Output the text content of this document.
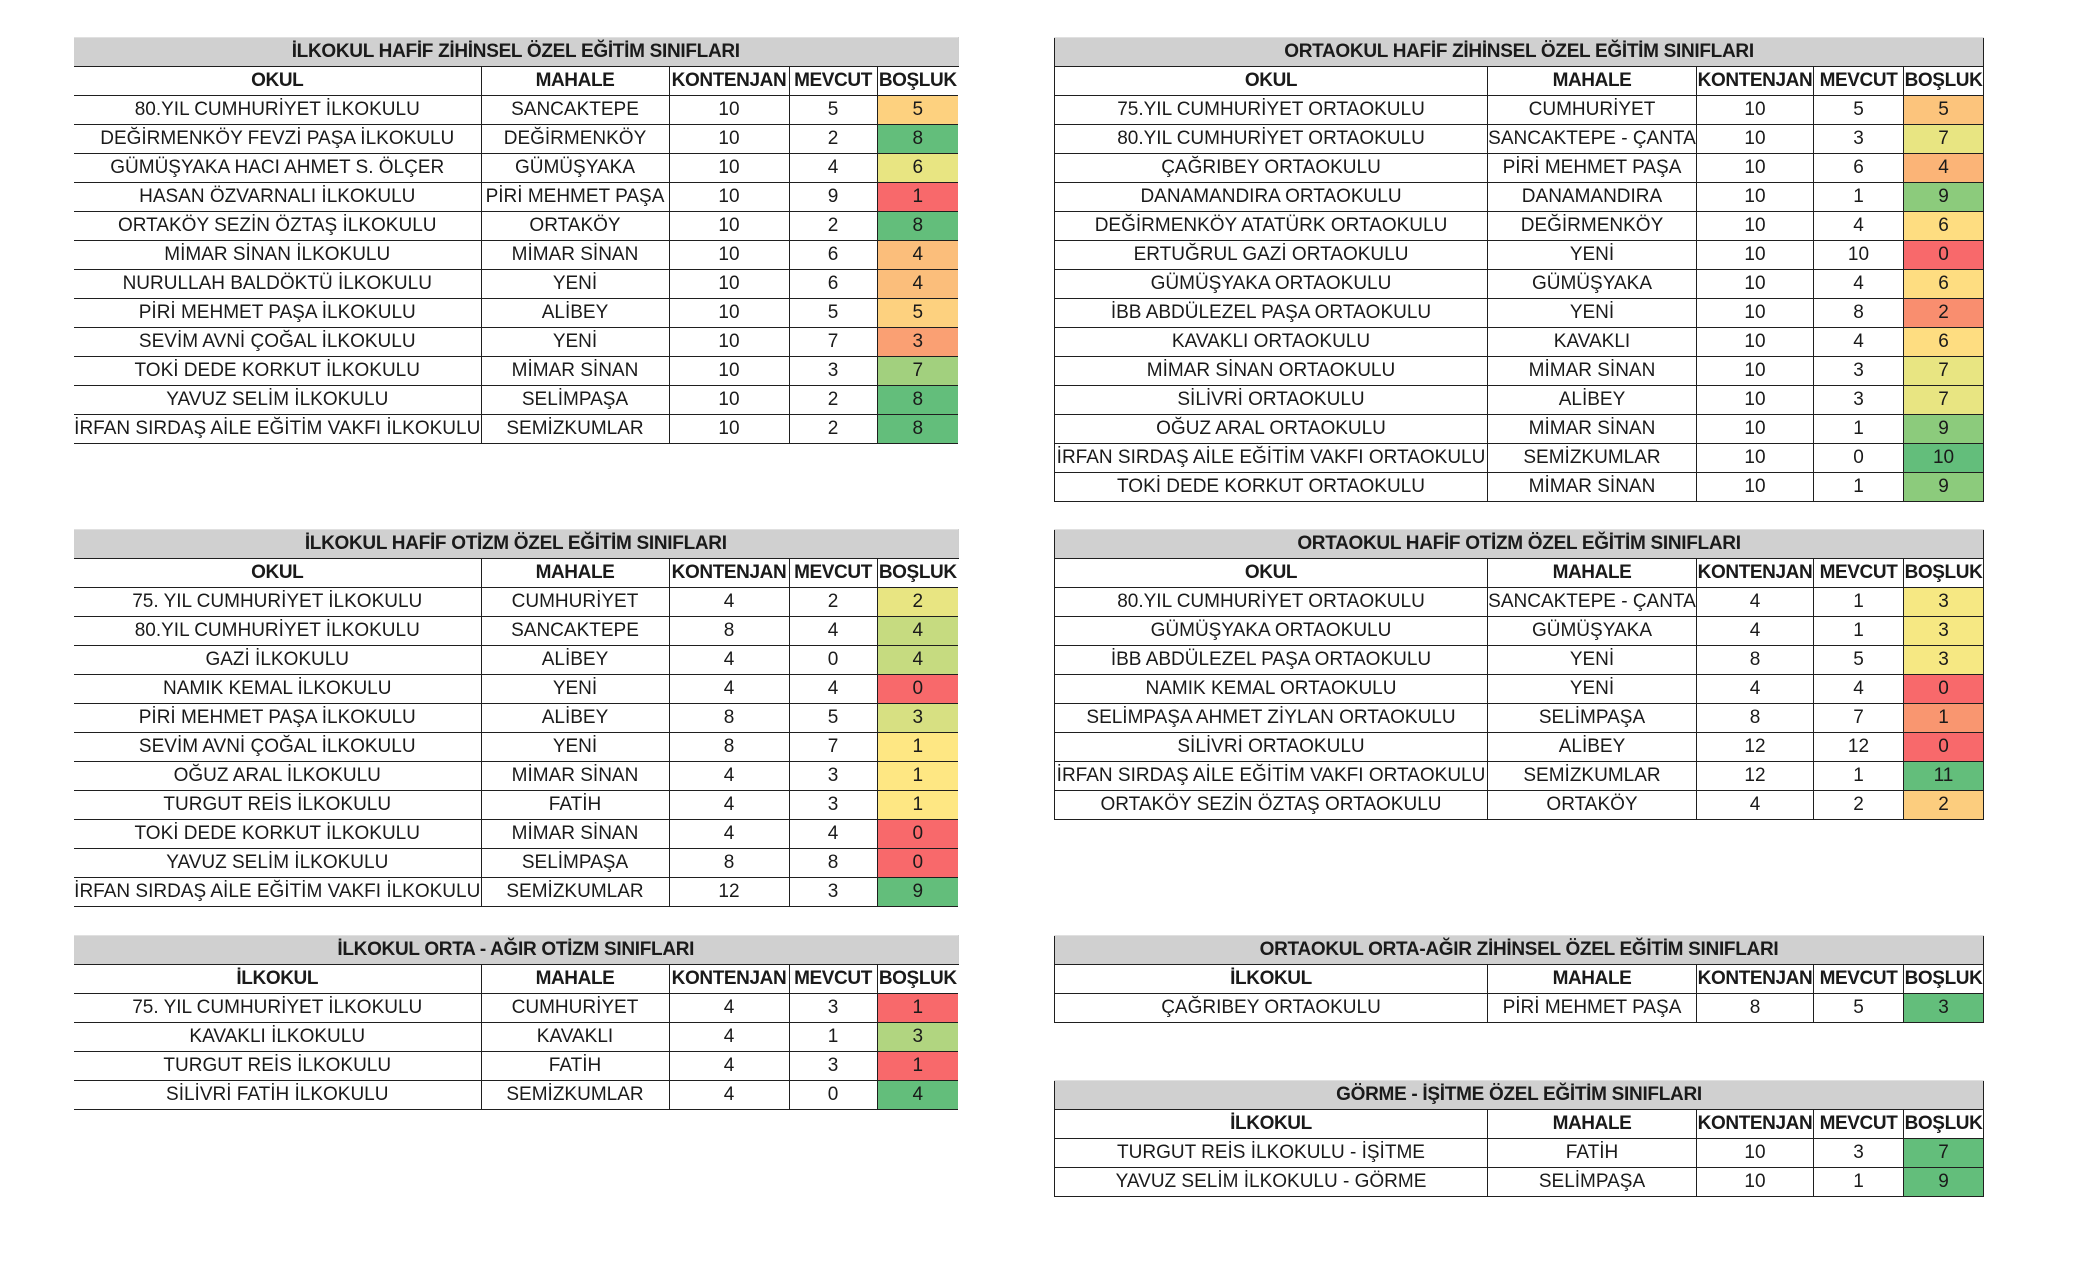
İLKOKUL HAFİF ZİHİNSEL ÖZEL EĞİTİM SINIFLARI				
OKUL	MAHALE	KONTENJAN	MEVCUT	BOŞLUK
80.YIL CUMHURİYET İLKOKULU	SANCAKTEPE	10	5	5
DEĞİRMENKÖY FEVZİ PAŞA İLKOKULU	DEĞİRMENKÖY	10	2	8
GÜMÜŞYAKA HACI AHMET S. ÖLÇER	GÜMÜŞYAKA	10	4	6
HASAN ÖZVARNALI İLKOKULU	PİRİ MEHMET PAŞA	10	9	1
ORTAKÖY SEZİN ÖZTAŞ İLKOKULU	ORTAKÖY	10	2	8
MİMAR SİNAN İLKOKULU	MİMAR SİNAN	10	6	4
NURULLAH BALDÖKTÜ İLKOKULU	YENİ	10	6	4
PİRİ MEHMET PAŞA İLKOKULU	ALİBEY	10	5	5
SEVİM AVNİ ÇOĞAL İLKOKULU	YENİ	10	7	3
TOKİ DEDE KORKUT İLKOKULU	MİMAR SİNAN	10	3	7
YAVUZ SELİM İLKOKULU	SELİMPAŞA	10	2	8
İRFAN SIRDAŞ AİLE EĞİTİM VAKFI İLKOKULU	SEMİZKUMLAR	10	2	8
ORTAOKUL HAFİF ZİHİNSEL ÖZEL EĞİTİM SINIFLARI				
OKUL	MAHALE	KONTENJAN	MEVCUT	BOŞLUK
75.YIL CUMHURİYET ORTAOKULU	CUMHURİYET	10	5	5
80.YIL CUMHURİYET ORTAOKULU	SANCAKTEPE - ÇANTA	10	3	7
ÇAĞRIBEY ORTAOKULU	PİRİ MEHMET PAŞA	10	6	4
DANAMANDIRA ORTAOKULU	DANAMANDIRA	10	1	9
DEĞİRMENKÖY ATATÜRK ORTAOKULU	DEĞİRMENKÖY	10	4	6
ERTUĞRUL GAZİ ORTAOKULU	YENİ	10	10	0
GÜMÜŞYAKA ORTAOKULU	GÜMÜŞYAKA	10	4	6
İBB ABDÜLEZEL PAŞA ORTAOKULU	YENİ	10	8	2
KAVAKLI ORTAOKULU	KAVAKLI	10	4	6
MİMAR SİNAN ORTAOKULU	MİMAR SİNAN	10	3	7
SİLİVRİ ORTAOKULU	ALİBEY	10	3	7
OĞUZ ARAL ORTAOKULU	MİMAR SİNAN	10	1	9
İRFAN SIRDAŞ AİLE EĞİTİM VAKFI ORTAOKULU	SEMİZKUMLAR	10	0	10
TOKİ DEDE KORKUT ORTAOKULU	MİMAR SİNAN	10	1	9
İLKOKUL HAFİF OTİZM ÖZEL EĞİTİM SINIFLARI				
OKUL	MAHALE	KONTENJAN	MEVCUT	BOŞLUK
75. YIL CUMHURİYET İLKOKULU	CUMHURİYET	4	2	2
80.YIL CUMHURİYET İLKOKULU	SANCAKTEPE	8	4	4
GAZİ İLKOKULU	ALİBEY	4	0	4
NAMIK KEMAL İLKOKULU	YENİ	4	4	0
PİRİ MEHMET PAŞA İLKOKULU	ALİBEY	8	5	3
SEVİM AVNİ ÇOĞAL İLKOKULU	YENİ	8	7	1
OĞUZ ARAL İLKOKULU	MİMAR SİNAN	4	3	1
TURGUT REİS İLKOKULU	FATİH	4	3	1
TOKİ DEDE KORKUT İLKOKULU	MİMAR SİNAN	4	4	0
YAVUZ SELİM İLKOKULU	SELİMPAŞA	8	8	0
İRFAN SIRDAŞ AİLE EĞİTİM VAKFI İLKOKULU	SEMİZKUMLAR	12	3	9
ORTAOKUL HAFİF OTİZM ÖZEL EĞİTİM SINIFLARI				
OKUL	MAHALE	KONTENJAN	MEVCUT	BOŞLUK
80.YIL CUMHURİYET ORTAOKULU	SANCAKTEPE - ÇANTA	4	1	3
GÜMÜŞYAKA ORTAOKULU	GÜMÜŞYAKA	4	1	3
İBB ABDÜLEZEL PAŞA ORTAOKULU	YENİ	8	5	3
NAMIK KEMAL ORTAOKULU	YENİ	4	4	0
SELİMPAŞA AHMET ZİYLAN ORTAOKULU	SELİMPAŞA	8	7	1
SİLİVRİ ORTAOKULU	ALİBEY	12	12	0
İRFAN SIRDAŞ AİLE EĞİTİM VAKFI ORTAOKULU	SEMİZKUMLAR	12	1	11
ORTAKÖY SEZİN ÖZTAŞ ORTAOKULU	ORTAKÖY	4	2	2
İLKOKUL ORTA - AĞIR OTİZM SINIFLARI				
İLKOKUL	MAHALE	KONTENJAN	MEVCUT	BOŞLUK
75. YIL CUMHURİYET İLKOKULU	CUMHURİYET	4	3	1
KAVAKLI İLKOKULU	KAVAKLI	4	1	3
TURGUT REİS İLKOKULU	FATİH	4	3	1
SİLİVRİ FATİH İLKOKULU	SEMİZKUMLAR	4	0	4
ORTAOKUL ORTA-AĞIR ZİHİNSEL ÖZEL EĞİTİM SINIFLARI				
İLKOKUL	MAHALE	KONTENJAN	MEVCUT	BOŞLUK
ÇAĞRIBEY ORTAOKULU	PİRİ MEHMET PAŞA	8	5	3
GÖRME - İŞİTME ÖZEL EĞİTİM SINIFLARI				
İLKOKUL	MAHALE	KONTENJAN	MEVCUT	BOŞLUK
TURGUT REİS İLKOKULU - İŞİTME	FATİH	10	3	7
YAVUZ SELİM İLKOKULU - GÖRME	SELİMPAŞA	10	1	9
